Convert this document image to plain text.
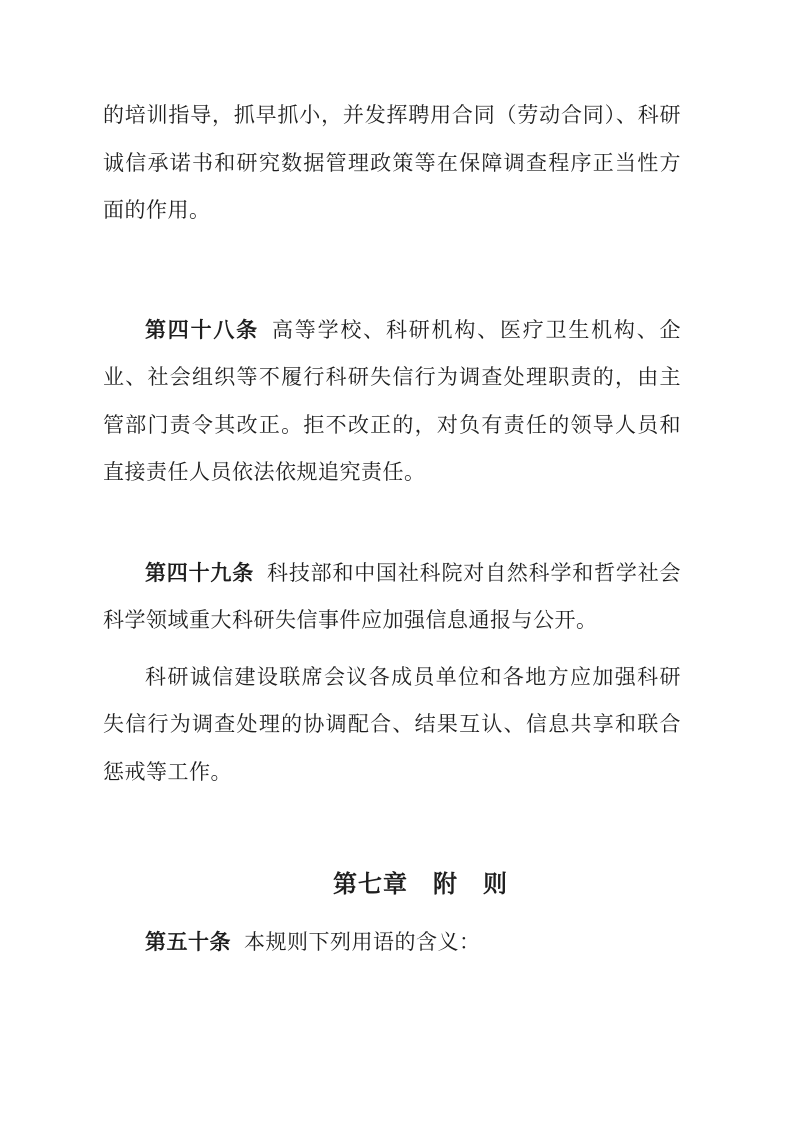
的培训指导，抓早抓小，并发挥聘用合同（劳动合同）、科研诚信承诺书和研究数据管理政策等在保障调查程序正当性方面的作用。

第四十八条 高等学校、科研机构、医疗卫生机构、企业、社会组织等不履行科研失信行为调查处理职责的，由主管部门责令其改正。拒不改正的，对负有责任的领导人员和直接责任人员依法依规追究责任。

第四十九条 科技部和中国社科院对自然科学和哲学社会科学领域重大科研失信事件应加强信息通报与公开。

科研诚信建设联席会议各成员单位和各地方应加强科研失信行为调查处理的协调配合、结果互认、信息共享和联合惩戒等工作。

第七章　附　则

第五十条 本规则下列用语的含义：
